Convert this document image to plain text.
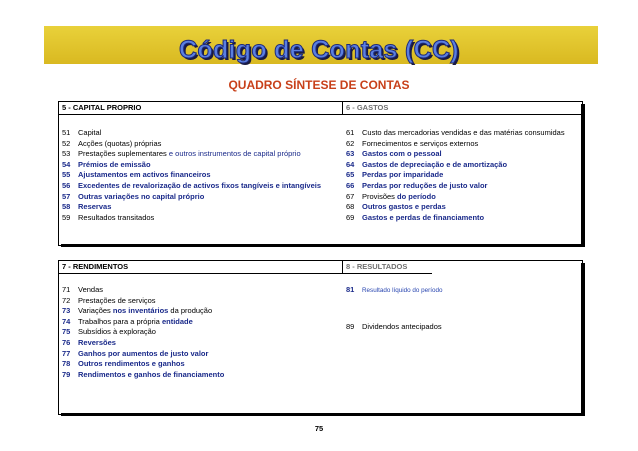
Código de Contas (CC)
QUADRO SÍNTESE DE CONTAS
5 - CAPITAL PROPRIO	6 - GASTOS
51 Capital
52 Acções (quotas) próprias
53 Prestações suplementares e outros instrumentos de capital próprio
54 Prémios de emissão
55 Ajustamentos em activos financeiros
56 Excedentes de revalorização de activos fixos tangíveis e intangíveis
57 Outras variações no capital próprio
58 Reservas
59 Resultados transitados
61 Custo das mercadorias vendidas e das matérias consumidas
62 Fornecimentos e serviços externos
63 Gastos com o pessoal
64 Gastos de depreciação e de amortização
65 Perdas por imparidade
66 Perdas por reduções de justo valor
67 Provisões do período
68 Outros gastos e perdas
69 Gastos e perdas de financiamento
7 - RENDIMENTOS	8 - RESULTADOS
71 Vendas
72 Prestações de serviços
73 Variações nos inventários da produção
74 Trabalhos para a própria entidade
75 Subsídios à exploração
76 Reversões
77 Ganhos por aumentos de justo valor
78 Outros rendimentos e ganhos
79 Rendimentos e ganhos de financiamento
81 Resultado líquido do período
89 Dividendos antecipados
75
